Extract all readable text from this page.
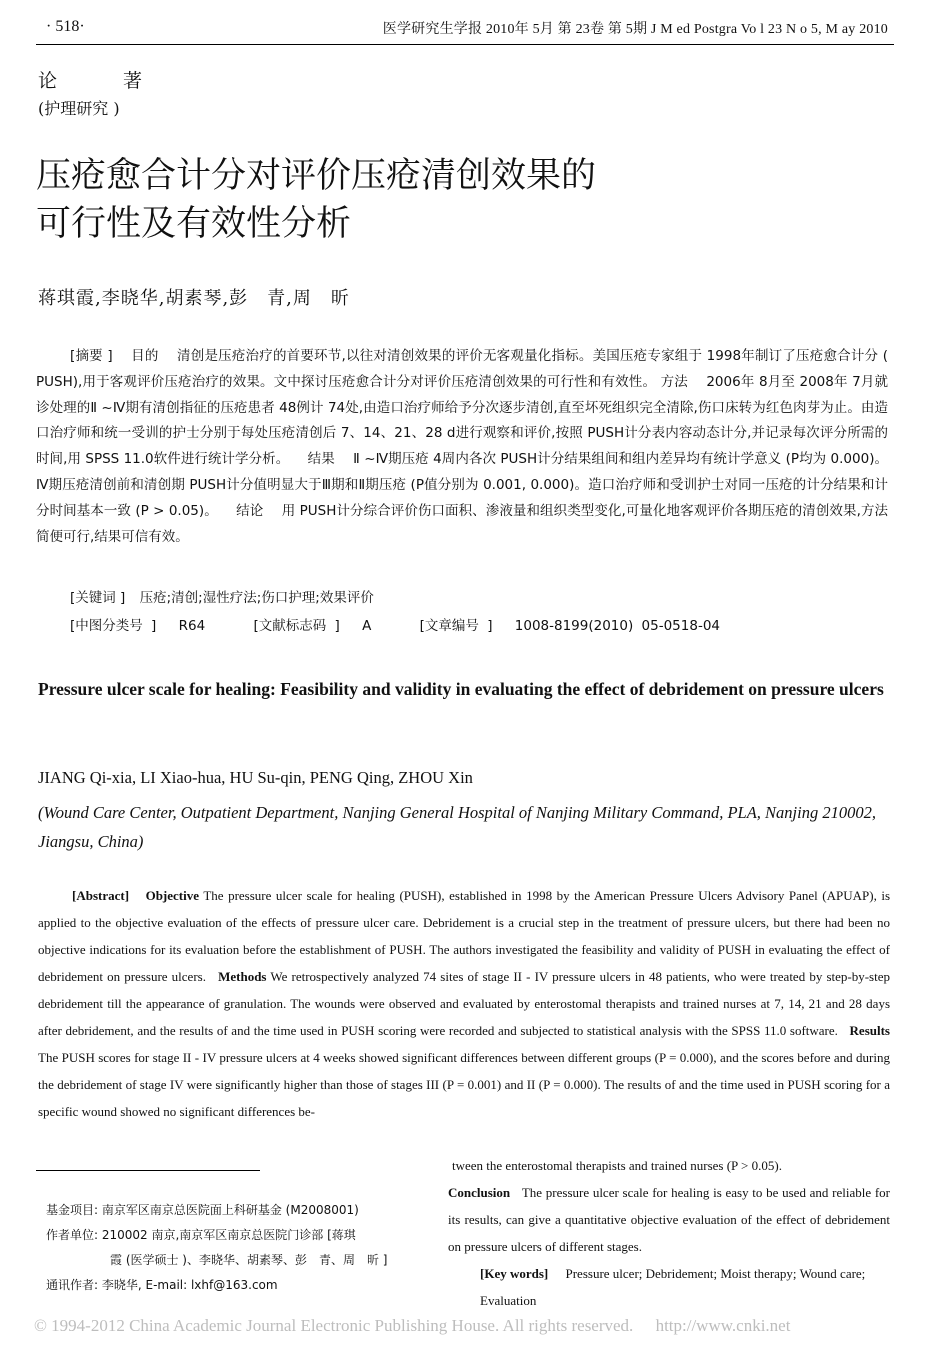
· 518·	医学研究生学报 2010年 5月 第 23卷 第 5期 J M ed Postgra Vo l 23 N o 5, M ay 2010
论 著
(护理研究 )
压疮愈合计分对评价压疮清创效果的
可行性及有效性分析
蒋琪霞,李晓华,胡素琴,彭　青,周　昕
[摘要 ] 目的 清创是压疮治疗的首要环节,以往对清创效果的评价无客观量化指标。美国压疮专家组于 1998年制订了压疮愈合计分 ( PUSH),用于客观评价压疮治疗的效果。文中探讨压疮愈合计分对评价压疮清创效果的可行性和有效性。 方法 2006年 8月至 2008年 7月就诊处理的Ⅱ ~Ⅳ期有清创指征的压疮患者 48例计 74处,由造口治疗师给予分次逐步清创,直至坏死组织完全清除,伤口床转为红色肉芽为止。由造口治疗师和统一受训的护士分别于每处压疮清创后 7、14、21、28 d进行观察和评价,按照 PUSH计分表内容动态计分,并记录每次评分所需的时间,用 SPSS 11.0软件进行统计学分析。 结果 Ⅱ ~Ⅳ期压疮 4周内各次 PUSH计分结果组间和组内差异均有统计学意义 (P均为 0.000)。Ⅳ期压疮清创前和清创期 PUSH计分值明显大于Ⅲ期和Ⅱ期压疮 (P值分别为 0.001, 0.000)。造口治疗师和受训护士对同一压疮的计分结果和计分时间基本一致 (P > 0.05)。 结论 用 PUSH计分综合评价伤口面积、渗液量和组织类型变化,可量化地客观评价各期压疮的清创效果,方法简便可行,结果可信有效。
[关键词 ] 压疮;清创;湿性疗法;伤口护理;效果评价
[中图分类号 ] R64	[文献标志码 ] A	[文章编号 ] 1008-8199(2010) 05-0518-04
Pressure ulcer scale for healing: Feasibility and validity in evaluating the effect of debridement on pressure ulcers
JIANG Qi-xia, LI Xiao-hua, HU Su-qin, PENG Qing, ZHOU Xin
(Wound Care Center, Outpatient Department, Nanjing General Hospital of Nanjing Military Command, PLA, Nanjing 210002, Jiangsu, China)
[Abstract] Objective The pressure ulcer scale for healing (PUSH), established in 1998 by the American Pressure Ulcers Advisory Panel (APUAP), is applied to the objective evaluation of the effects of pressure ulcer care. Debridement is a crucial step in the treatment of pressure ulcers, but there had been no objective indications for its evaluation before the establishment of PUSH. The authors investigated the feasibility and validity of PUSH in evaluating the effect of debridement on pressure ulcers. Methods We retrospectively analyzed 74 sites of stage II - IV pressure ulcers in 48 patients, who were treated by step-by-step debridement till the appearance of granulation. The wounds were observed and evaluated by enterostomal therapists and trained nurses at 7, 14, 21 and 28 days after debridement, and the results of and the time used in PUSH scoring were recorded and subjected to statistical analysis with the SPSS 11.0 software. Results The PUSH scores for stage II - IV pressure ulcers at 4 weeks showed significant differences between different groups (P = 0.000), and the scores before and during the debridement of stage IV were significantly higher than those of stages III (P = 0.001) and II (P = 0.000). The results of and the time used in PUSH scoring for a specific wound showed no significant differences be-
tween the enterostomal therapists and trained nurses (P > 0.05).
Conclusion The pressure ulcer scale for healing is easy to be used and reliable for its results, can give a quantitative objective evaluation of the effect of debridement on pressure ulcers of different stages.
[Key words] Pressure ulcer; Debridement; Moist therapy; Wound care; Evaluation
基金项目: 南京军区南京总医院面上科研基金 (M2008001)
作者单位: 210002 南京,南京军区南京总医院门诊部 [蒋琪
霞 (医学硕士 )、李晓华、胡素琴、彭　青、周　昕 ]
通讯作者: 李晓华, E-mail: lxhf@163.com
© 1994-2012 China Academic Journal Electronic Publishing House. All rights reserved. http://www.cnki.net
